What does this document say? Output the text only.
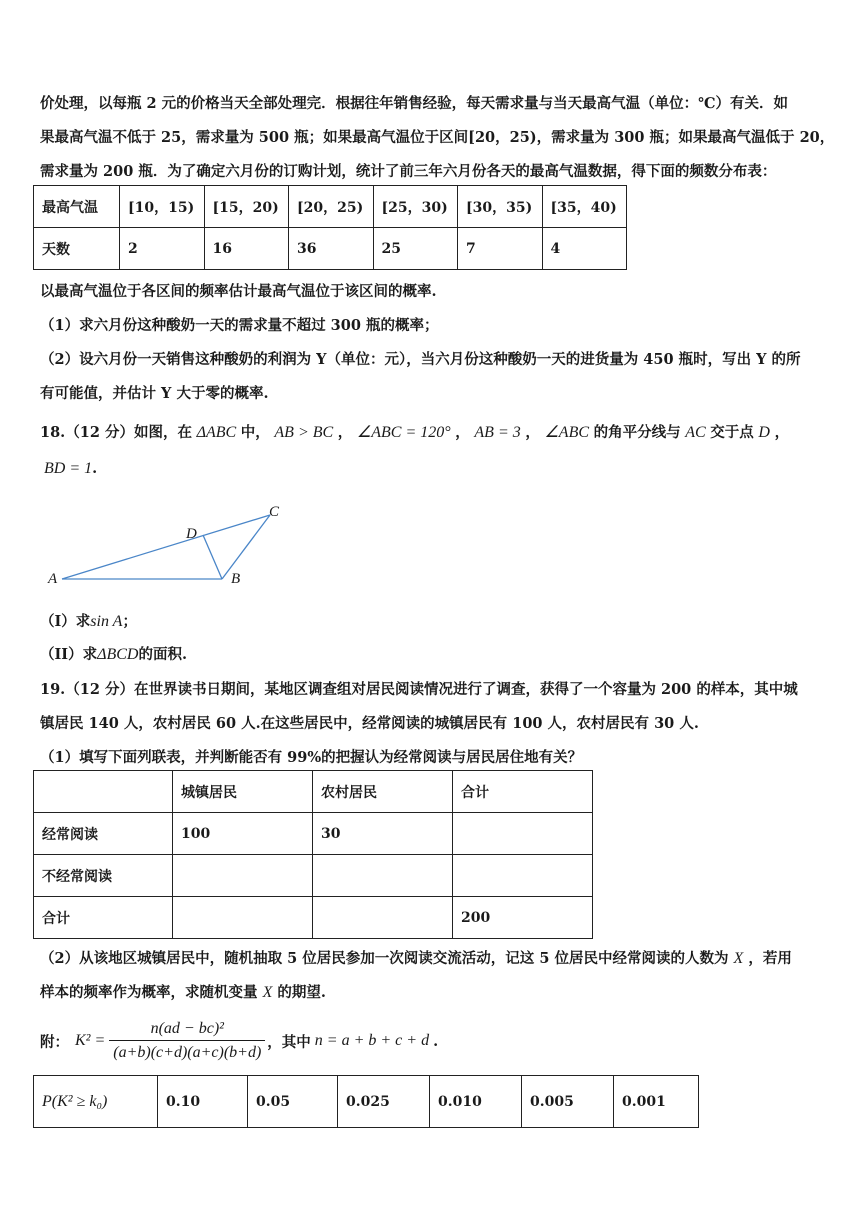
价处理，以每瓶 2 元的价格当天全部处理完．根据往年销售经验，每天需求量与当天最高气温（单位：℃）有关．如
果最高气温不低于 25，需求量为 500 瓶；如果最高气温位于区间[20，25)，需求量为 300 瓶；如果最高气温低于 20，
需求量为 200 瓶．为了确定六月份的订购计划，统计了前三年六月份各天的最高气温数据，得下面的频数分布表：
最高气温	[10，15)	[15，20)	[20，25)	[25，30)	[30，35)	[35，40)
天数	2	16	36	25	7	4
以最高气温位于各区间的频率估计最高气温位于该区间的概率.
（1）求六月份这种酸奶一天的需求量不超过 300 瓶的概率；
（2）设六月份一天销售这种酸奶的利润为 Y（单位：元），当六月份这种酸奶一天的进货量为 450 瓶时，写出 Y 的所
有可能值，并估计 Y 大于零的概率.
18.（12 分）如图，在 ΔABC 中， AB > BC ， ∠ABC = 120° ， AB = 3 ， ∠ABC 的角平分线与 AC 交于点 D ，
BD = 1.
A	B
C
D
（I）求sin A；
（II）求ΔBCD的面积.
19.（12 分）在世界读书日期间，某地区调查组对居民阅读情况进行了调查，获得了一个容量为 200 的样本，其中城
镇居民 140 人，农村居民 60 人.在这些居民中，经常阅读的城镇居民有 100 人，农村居民有 30 人.
（1）填写下面列联表，并判断能否有 99%的把握认为经常阅读与居民居住地有关？
	城镇居民	农村居民	合计
经常阅读	100	30	
不经常阅读			
合计			200
（2）从该地区城镇居民中，随机抽取 5 位居民参加一次阅读交流活动，记这 5 位居民中经常阅读的人数为 X ，若用
样本的频率作为概率，求随机变量 X 的期望.
附： $K^2 = \frac{\text{n(ad − bc)²}}{(a+b)(c+d)(a+c)(b+d)}$ ，其中 n = a + b + c + d .
P(K² ≥ k₀)	0.10	0.05	0.025	0.010	0.005	0.001
